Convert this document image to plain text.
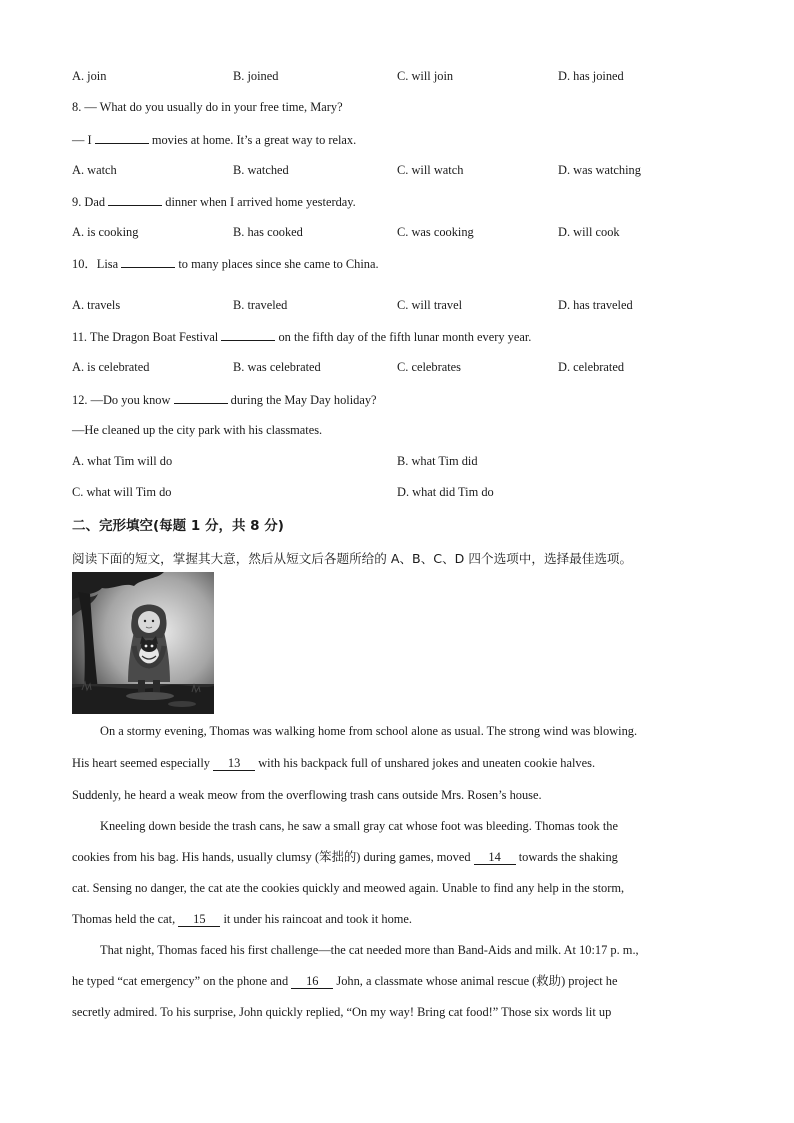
A. join	B. joined	C. will join	D. has joined
8. — What do you usually do in your free time, Mary?
— I	movies at home. It’s a great way to relax.
A. watch	B. watched	C. will watch	D. was watching
9. Dad	dinner when I arrived home yesterday.
A. is cooking	B. has cooked	C. was cooking	D. will cook
10．Lisa	to many places since she came to China.
A. travels	B. traveled	C. will travel	D. has traveled
11. The Dragon Boat Festival	on the fifth day of the fifth lunar month every year.
A. is celebrated	B. was celebrated	C. celebrates	D. celebrated
12. —Do you know	during the May Day holiday?
—He cleaned up the city park with his classmates.
A. what Tim will do	B. what Tim did
C. what will Tim do	D. what did Tim do
二、完形填空(每题 1 分，共 8 分)
阅读下面的短文，掌握其大意，然后从短文后各题所给的 A、B、C、D 四个选项中，选择最佳选项。
On a stormy evening, Thomas was walking home from school alone as usual. The strong wind was blowing.
His heart seemed especially 13 with his backpack full of unshared jokes and uneaten cookie halves.
Suddenly, he heard a weak meow from the overflowing trash cans outside Mrs. Rosen’s house.
Kneeling down beside the trash cans, he saw a small gray cat whose foot was bleeding. Thomas took the
cookies from his bag. His hands, usually clumsy (笨拙的) during games, moved 14 towards the shaking
cat. Sensing no danger, the cat ate the cookies quickly and meowed again. Unable to find any help in the storm,
Thomas held the cat, 15 it under his raincoat and took it home.
That night, Thomas faced his first challenge—the cat needed more than Band-Aids and milk. At 10:17 p. m.,
he typed “cat emergency” on the phone and 16 John, a classmate whose animal rescue (救助) project he
secretly admired. To his surprise, John quickly replied, “On my way! Bring cat food!” Those six words lit up
